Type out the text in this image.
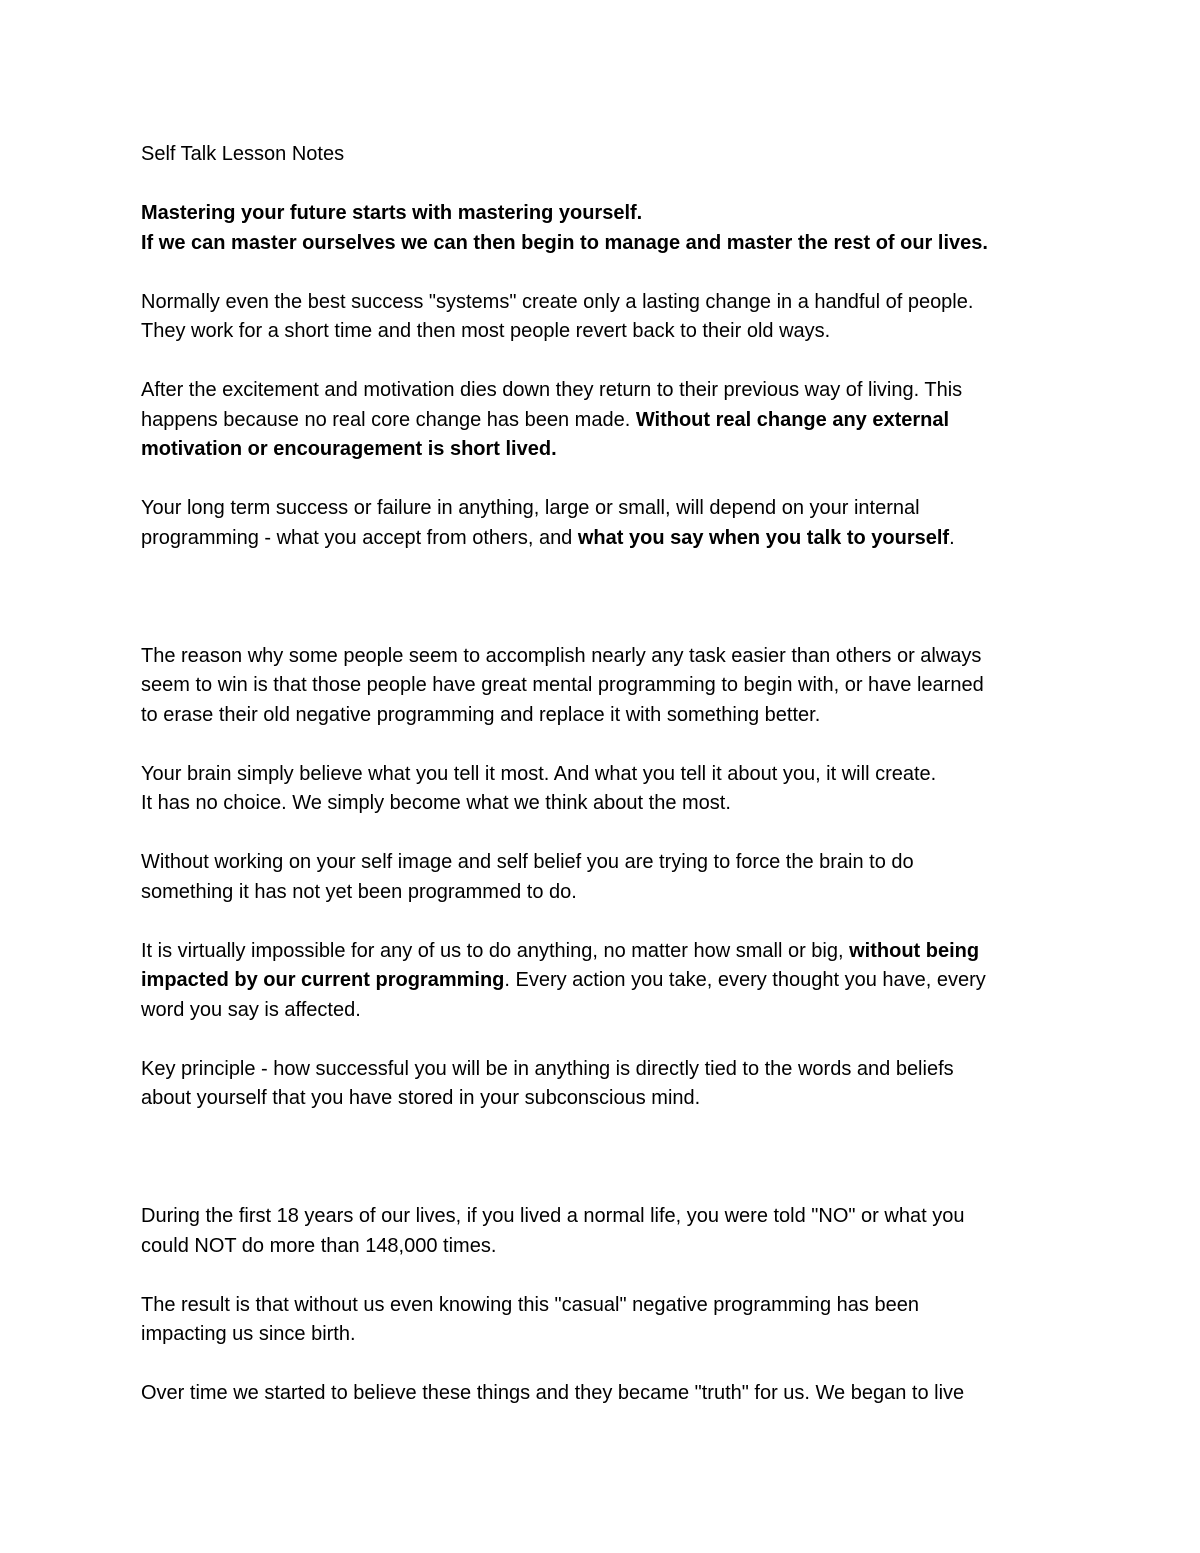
Self Talk Lesson Notes

Mastering your future starts with mastering yourself.
If we can master ourselves we can then begin to manage and master the rest of our lives.

Normally even the best success "systems" create only a lasting change in a handful of people.
They work for a short time and then most people revert back to their old ways.

After the excitement and motivation dies down they return to their previous way of living. This
happens because no real core change has been made. Without real change any external
motivation or encouragement is short lived.

Your long term success or failure in anything, large or small, will depend on your internal
programming - what you accept from others, and what you say when you talk to yourself.

The reason why some people seem to accomplish nearly any task easier than others or always
seem to win is that those people have great mental programming to begin with, or have learned
to erase their old negative programming and replace it with something better.

Your brain simply believe what you tell it most. And what you tell it about you, it will create.
It has no choice. We simply become what we think about the most.

Without working on your self image and self belief you are trying to force the brain to do
something it has not yet been programmed to do.

It is virtually impossible for any of us to do anything, no matter how small or big, without being
impacted by our current programming. Every action you take, every thought you have, every
word you say is affected.

Key principle - how successful you will be in anything is directly tied to the words and beliefs
about yourself that you have stored in your subconscious mind.

During the first 18 years of our lives, if you lived a normal life, you were told "NO" or what you
could NOT do more than 148,000 times.

The result is that without us even knowing this "casual" negative programming has been
impacting us since birth.

Over time we started to believe these things and they became "truth" for us. We began to live
